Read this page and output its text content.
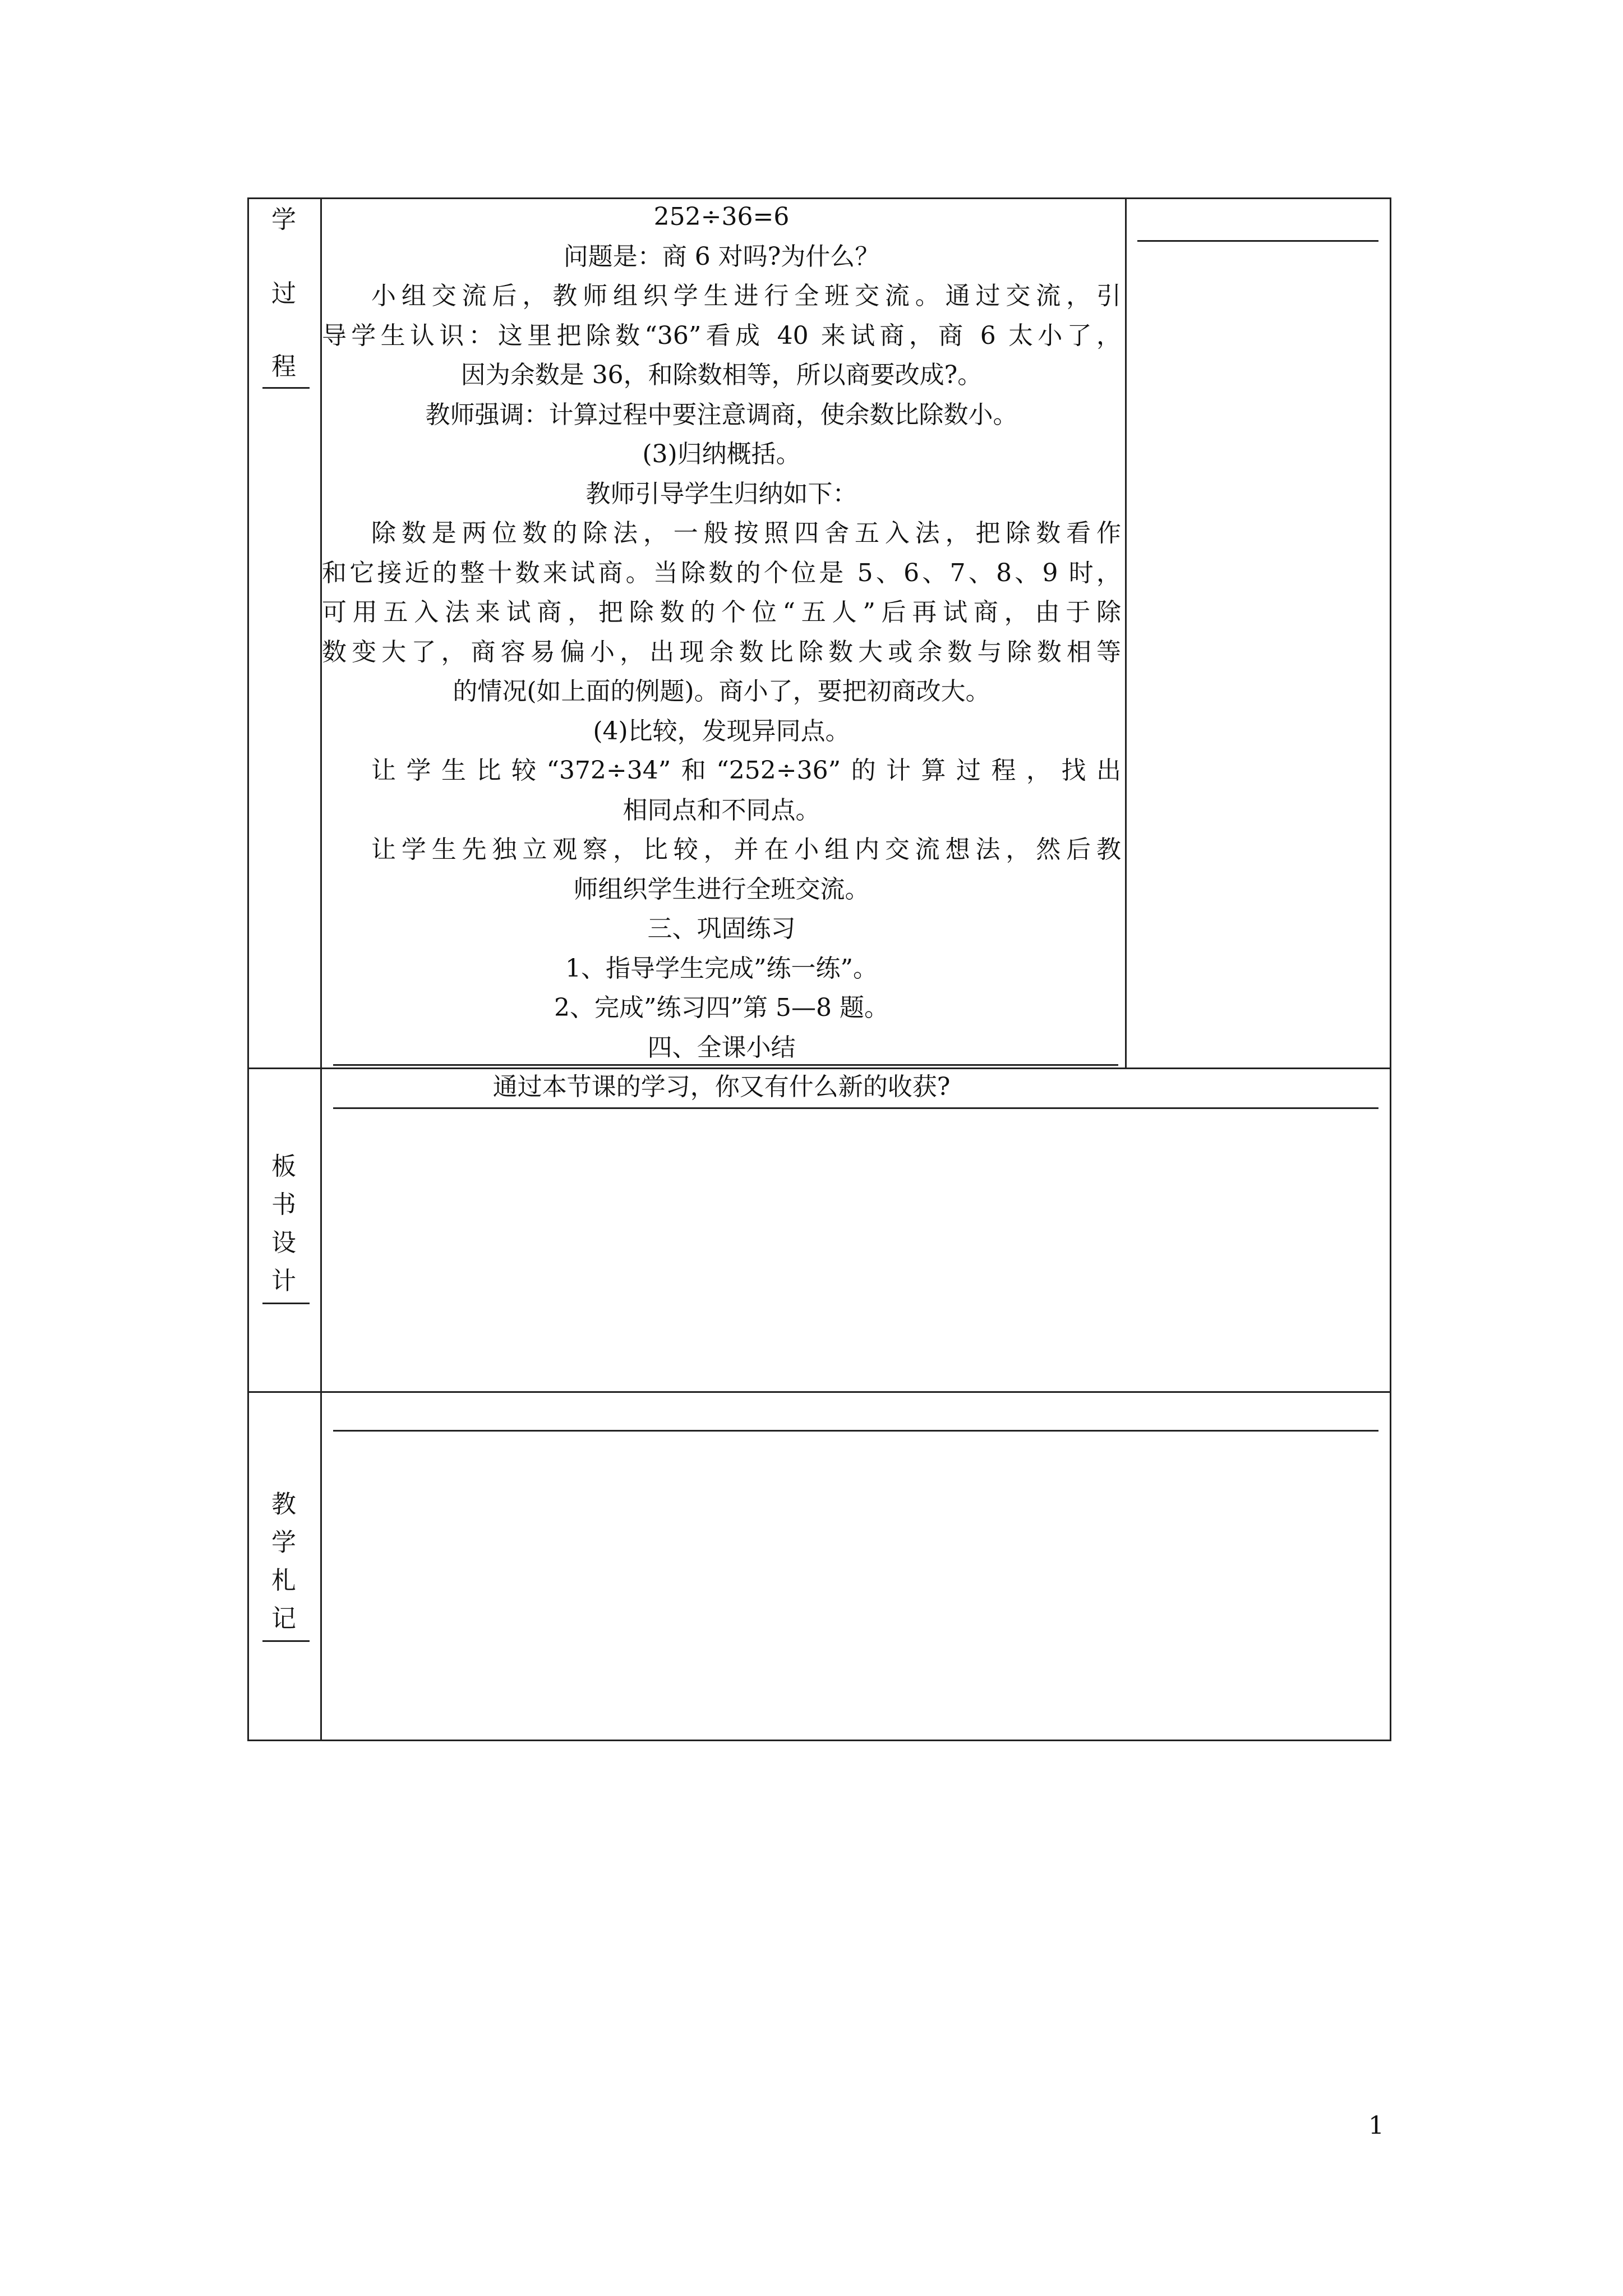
学
过
程
板
书
设
计
教
学
札
记
252÷36=6
问题是：商 6 对吗?为什么？
小组交流后，教师组织学生进行全班交流。通过交流，引
导学生认识：这里把除数“36”看成 40 来试商，商 6 太小了，
因为余数是 36，和除数相等，所以商要改成?。
教师强调：计算过程中要注意调商，使余数比除数小。
(3)归纳概括。
教师引导学生归纳如下：
除数是两位数的除法，一般按照四舍五入法，把除数看作
和它接近的整十数来试商。当除数的个位是 5、6、7、8、9 时，
可用五入法来试商，把除数的个位“五人”后再试商，由于除
数变大了，商容易偏小，出现余数比除数大或余数与除数相等
的情况(如上面的例题)。商小了，要把初商改大。
(4)比较，发现异同点。
让学生比较“372÷34”和“252÷36”的计算过程，找出
相同点和不同点。
让学生先独立观察，比较，并在小组内交流想法，然后教
师组织学生进行全班交流。
三、巩固练习
1、指导学生完成”练一练”。
2、完成”练习四”第 5—8 题。
四、全课小结
通过本节课的学习，你又有什么新的收获?
1
